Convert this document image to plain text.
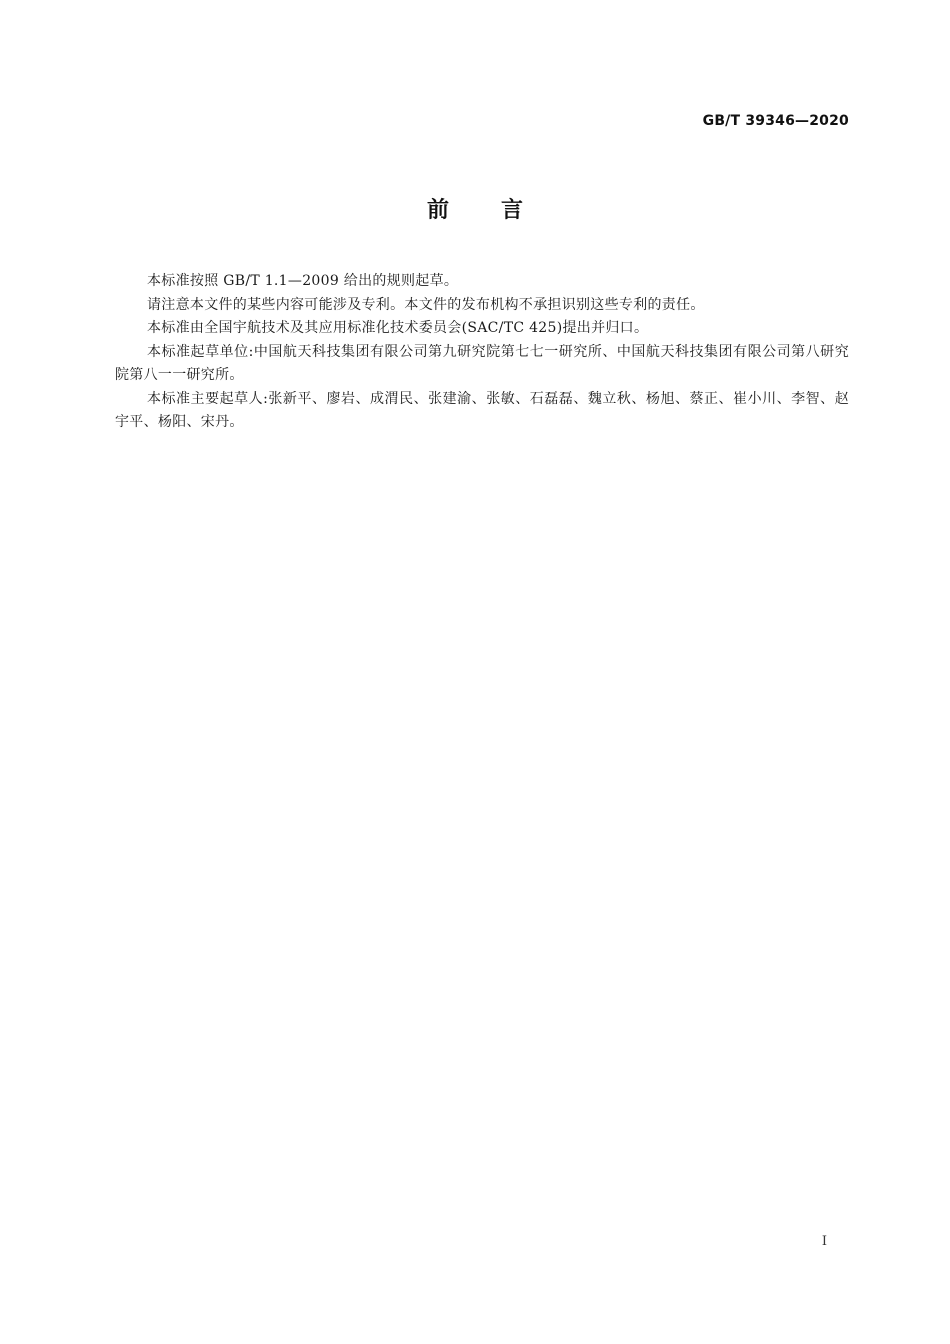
GB/T 39346—2020
前言

本标准按照 GB/T 1.1—2009 给出的规则起草。

请注意本文件的某些内容可能涉及专利。本文件的发布机构不承担识别这些专利的责任。

本标准由全国宇航技术及其应用标准化技术委员会(SAC/TC 425)提出并归口。

本标准起草单位:中国航天科技集团有限公司第九研究院第七七一研究所、中国航天科技集团有限公司第八研究院第八一一研究所。

本标准主要起草人:张新平、廖岩、成渭民、张建渝、张敏、石磊磊、魏立秋、杨旭、蔡正、崔小川、李智、赵宇平、杨阳、宋丹。

I
